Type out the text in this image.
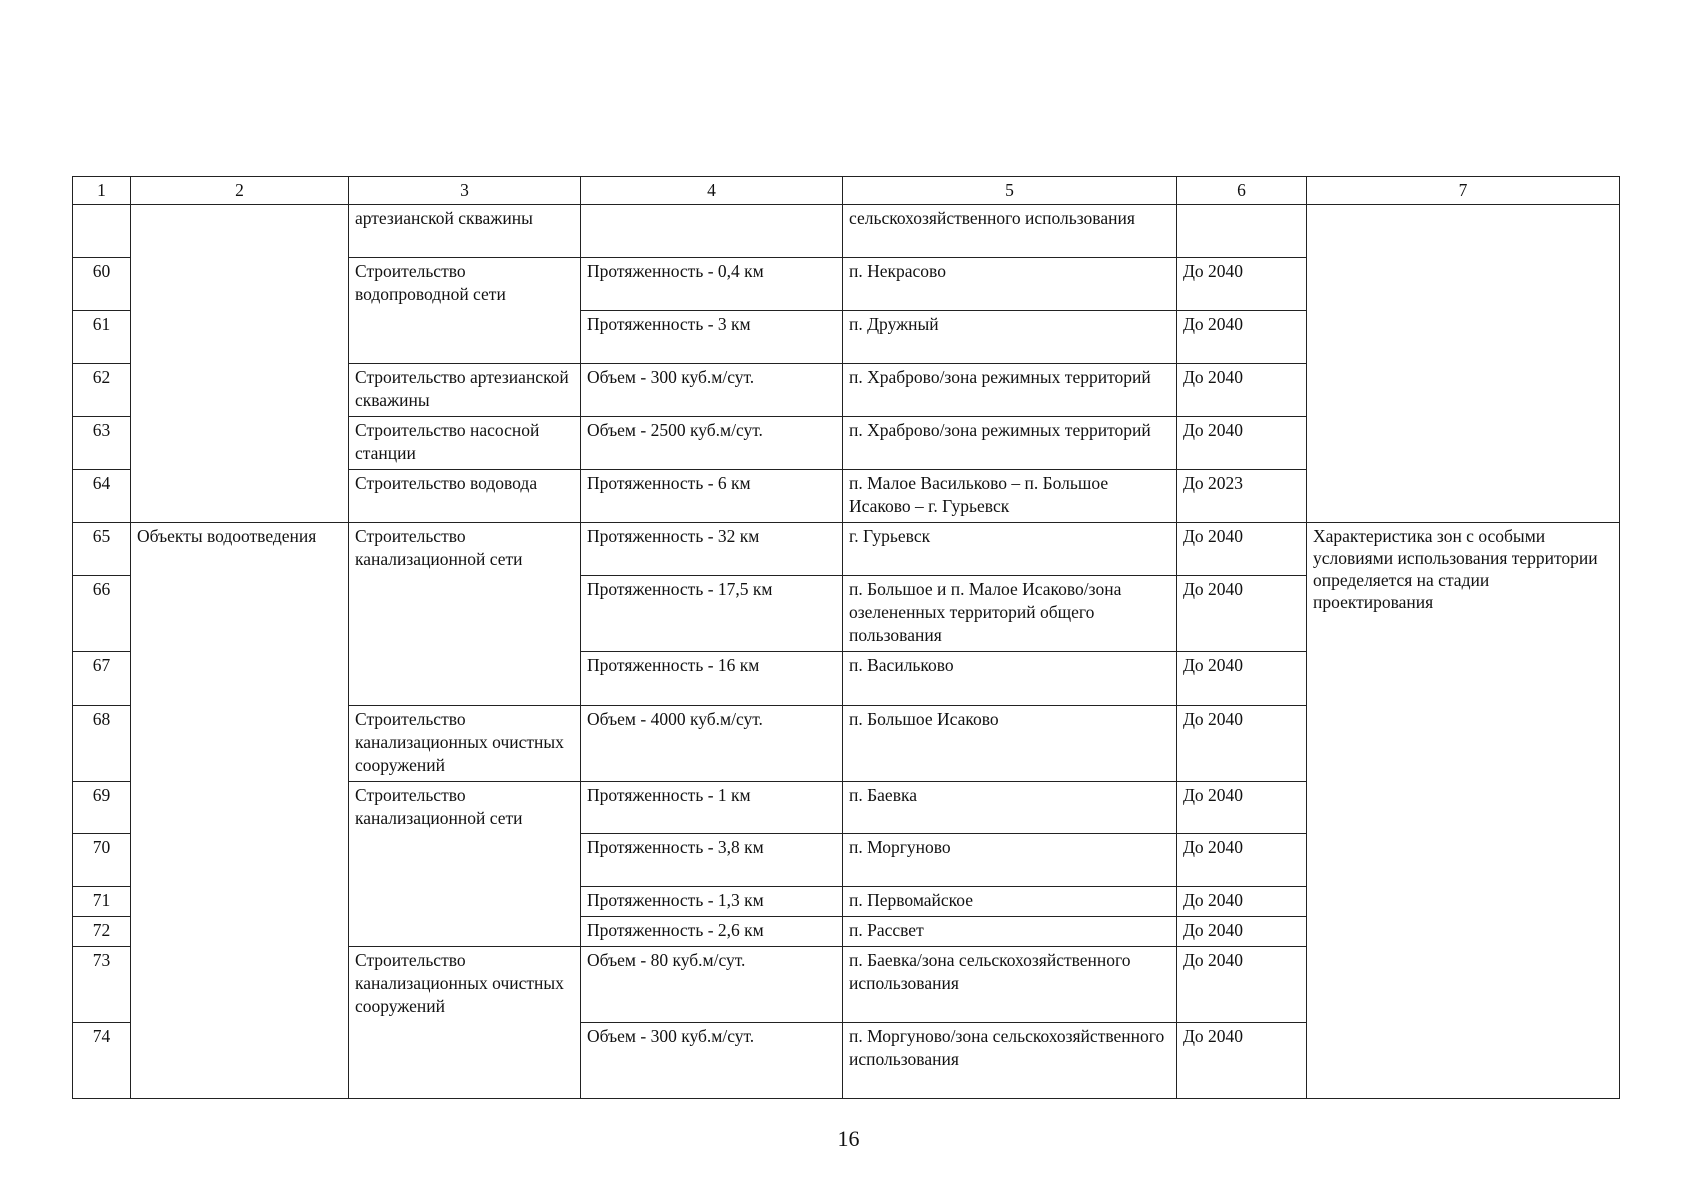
1	2	3	4	5	6	7
		артезианской скважины		сельскохозяйственного использования		
60		Строительство водопроводной сети	Протяженность - 0,4 км	п. Некрасово	До 2040	
61			Протяженность - 3 км	п. Дружный	До 2040	
62		Строительство артезианской скважины	Объем - 300 куб.м/сут.	п. Храброво/зона режимных территорий	До 2040	
63		Строительство насосной станции	Объем - 2500 куб.м/сут.	п. Храброво/зона режимных территорий	До 2040	
64		Строительство водовода	Протяженность - 6 км	п. Малое Васильково – п. Большое Исаково – г. Гурьевск	До 2023	
65	Объекты водоотведения	Строительство канализационной сети	Протяженность - 32 км	г. Гурьевск	До 2040	Характеристика зон с особыми условиями использования территории определяется на стадии проектирования
66			Протяженность - 17,5 км	п. Большое и п. Малое Исаково/зона озелененных территорий общего пользования	До 2040	
67			Протяженность - 16 км	п. Васильково	До 2040	
68		Строительство канализационных очистных сооружений	Объем - 4000 куб.м/сут.	п. Большое Исаково	До 2040	
69		Строительство канализационной сети	Протяженность - 1 км	п. Баевка	До 2040	
70			Протяженность - 3,8 км	п. Моргуново	До 2040	
71			Протяженность - 1,3 км	п. Первомайское	До 2040	
72			Протяженность - 2,6 км	п. Рассвет	До 2040	
73		Строительство канализационных очистных сооружений	Объем - 80 куб.м/сут.	п. Баевка/зона сельскохозяйственного использования	До 2040	
74			Объем - 300 куб.м/сут.	п. Моргуново/зона сельскохозяйственного использования	До 2040	
16
